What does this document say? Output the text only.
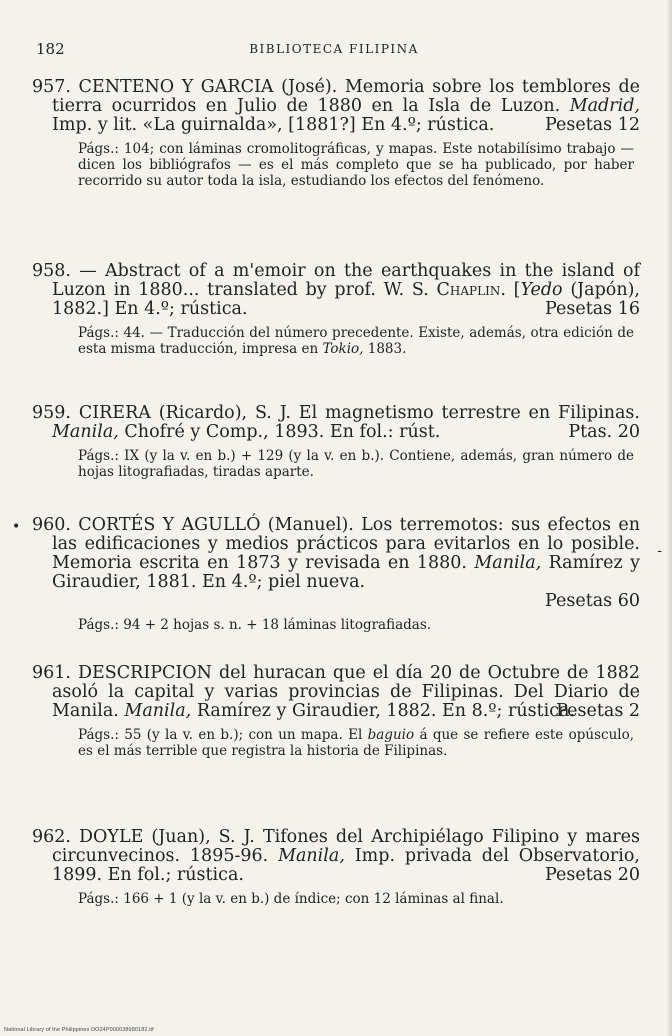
182	BIBLIOTECA FILIPINA
957. CENTENO Y GARCIA (José). Memoria sobre los temblores de tierra ocurridos en Julio de 1880 en la Isla de Luzon. Madrid, Imp. y lit. «La guirnalda», [1881?] En 4.º; rústica.	Pesetas 12
Págs.: 104; con láminas cromolitográficas, y mapas. Este notabilísimo trabajo — dicen los bibliógrafos — es el más completo que se ha publicado, por haber recorrido su autor toda la isla, estudiando los efectos del fenómeno.
958. — Abstract of a m'emoir on the earthquakes in the island of Luzon in 1880... translated by prof. W. S. Chaplin. [Yedo (Japón), 1882.] En 4.º; rústica.	Pesetas 16
Págs.: 44. — Traducción del número precedente. Existe, además, otra edición de esta misma traducción, impresa en Tokio, 1883.
959. CIRERA (Ricardo), S. J. El magnetismo terrestre en Filipinas. Manila, Chofré y Comp., 1893. En fol.: rúst.	Ptas. 20
Págs.: IX (y la v. en b.) + 129 (y la v. en b.). Contiene, además, gran número de hojas litografiadas, tiradas aparte.
960. CORTÉS Y AGULLÓ (Manuel). Los terremotos: sus efectos en las edificaciones y medios prácticos para evitarlos en lo posible. Memoria escrita en 1873 y revisada en 1880. Manila, Ramírez y Giraudier, 1881. En 4.º; piel nueva.
Pesetas 60
Págs.: 94 + 2 hojas s. n. + 18 láminas litografiadas.
961. DESCRIPCION del huracan que el día 20 de Octubre de 1882 asoló la capital y varias provincias de Filipinas. Del Diario de Manila. Manila, Ramírez y Giraudier, 1882. En 8.º; rústica.
Pesetas 2
Págs.: 55 (y la v. en b.); con un mapa. El baguio á que se refiere este opúsculo, es el más terrible que registra la historia de Filipinas.
962. DOYLE (Juan), S. J. Tifones del Archipiélago Filipino y mares circunvecinos. 1895-96. Manila, Imp. privada del Observatorio, 1899. En fol.; rústica.	Pesetas 20
Págs.: 166 + 1 (y la v. en b.) de índice; con 12 láminas al final.
•
-
National Library of the Philippines DO24P000038980182.tif
